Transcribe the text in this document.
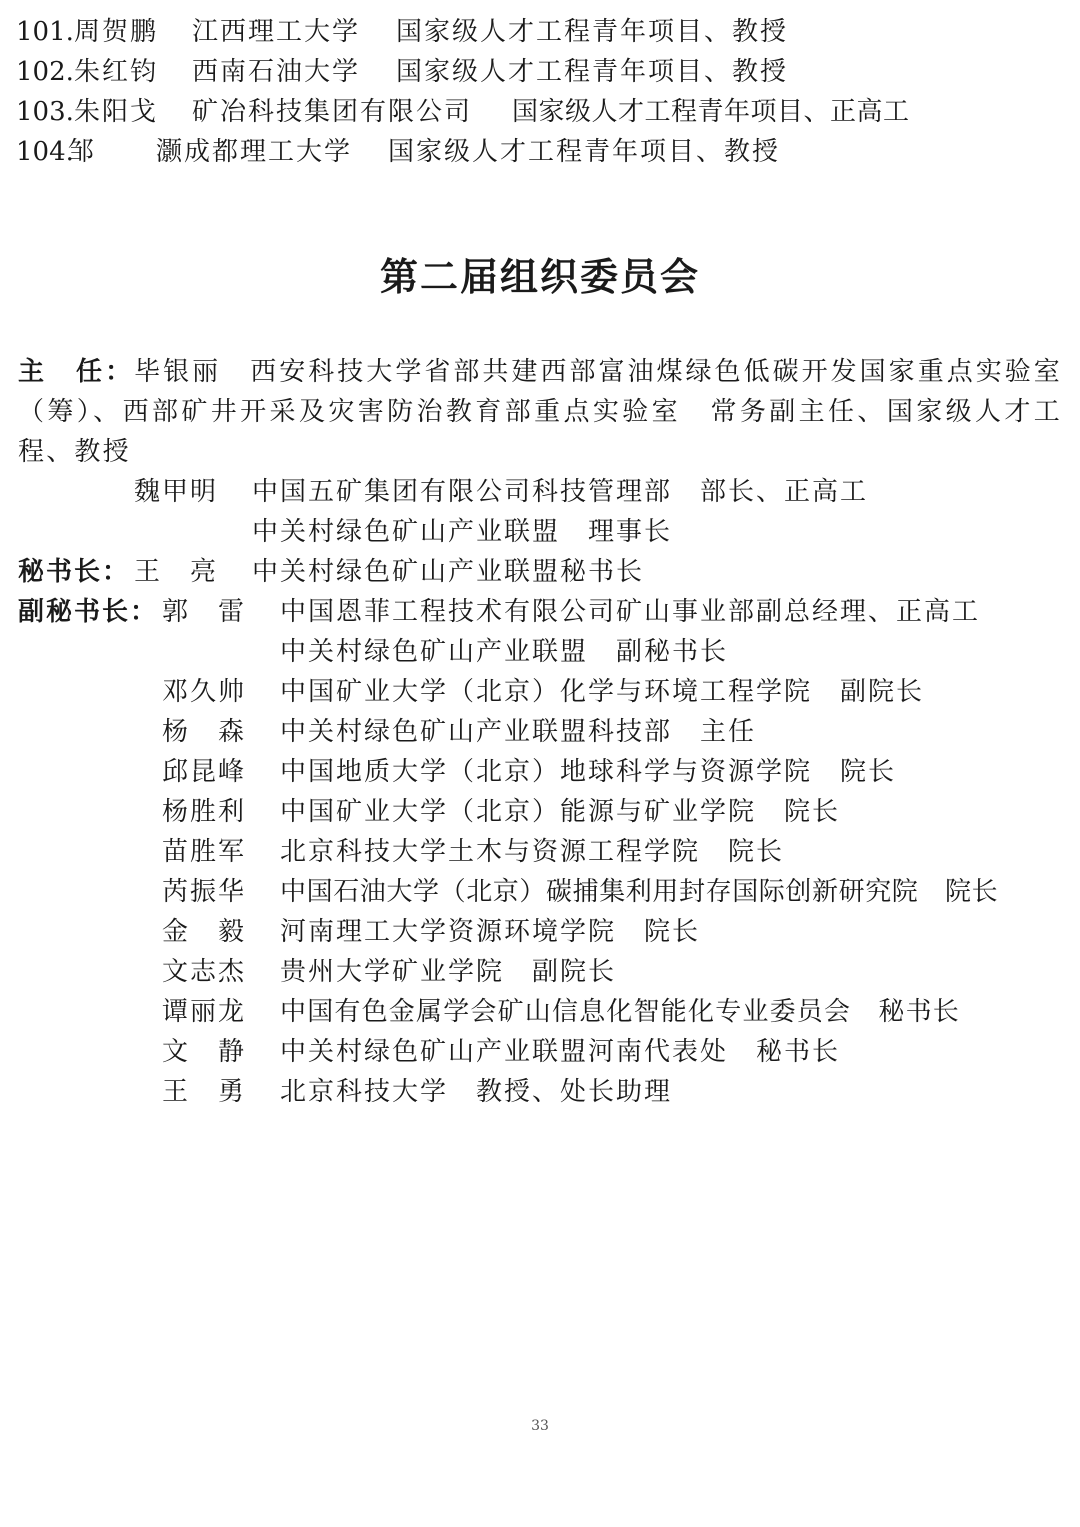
101. 周贺鹏 江西理工大学 国家级人才工程青年项目、教授
102. 朱红钧 西南石油大学 国家级人才工程青年项目、教授
103. 朱阳戈 矿冶科技集团有限公司 国家级人才工程青年项目、正高工
104.
邹　灏
成都理工大学 国家级人才工程青年项目、教授
第二届组织委员会
主　任：毕银丽　 西安科技大学省部共建西部富油煤绿色低碳开发国家重点实验室（筹）、西部矿井开采及灾害防治教育部重点实验室　常务副主任、国家级人才工程、教授
魏甲明 中国五矿集团有限公司科技管理部　部长、正高工
中关村绿色矿山产业联盟　理事长
秘书长： 王　亮 中关村绿色矿山产业联盟秘书长
副秘书长： 郭　雷 中国恩菲工程技术有限公司矿山事业部副总经理、正高工
中关村绿色矿山产业联盟　副秘书长
邓久帅 中国矿业大学（北京）化学与环境工程学院　副院长
杨　森 中关村绿色矿山产业联盟科技部　主任
邱昆峰 中国地质大学（北京）地球科学与资源学院　院长
杨胜利 中国矿业大学（北京）能源与矿业学院　院长
苗胜军 北京科技大学土木与资源工程学院　院长
芮振华 中国石油大学（北京）碳捕集利用封存国际创新研究院　院长
金　毅 河南理工大学资源环境学院　院长
文志杰 贵州大学矿业学院　副院长
谭丽龙 中国有色金属学会矿山信息化智能化专业委员会　秘书长
文　静 中关村绿色矿山产业联盟河南代表处　秘书长
王　勇 北京科技大学　教授、处长助理
33
